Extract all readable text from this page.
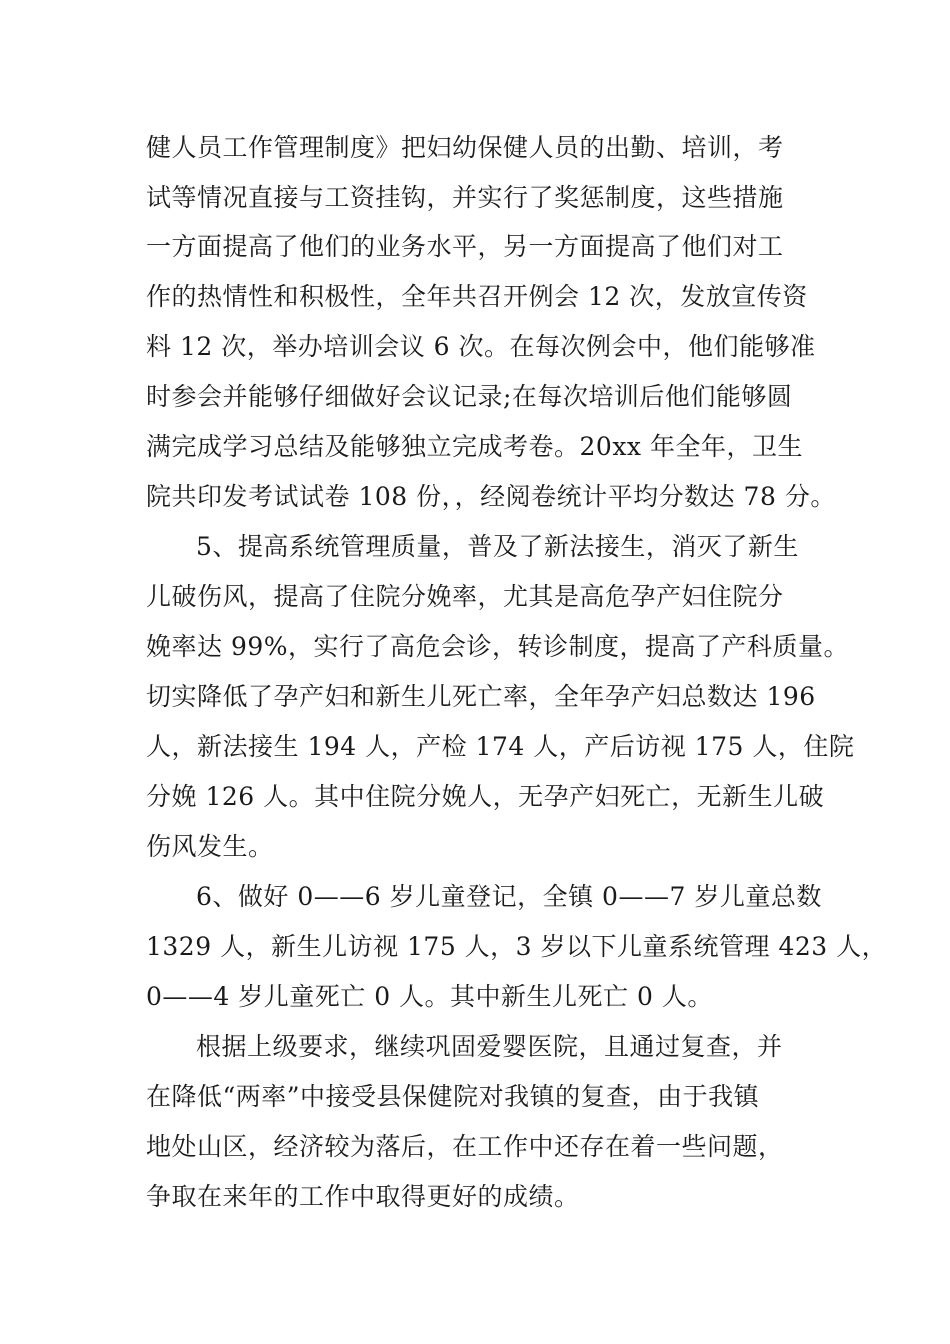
健人员工作管理制度》把妇幼保健人员的出勤、培训，考
试等情况直接与工资挂钩，并实行了奖惩制度，这些措施
一方面提高了他们的业务水平，另一方面提高了他们对工
作的热情性和积极性，全年共召开例会 12 次，发放宣传资
料 12 次，举办培训会议 6 次。在每次例会中，他们能够准
时参会并能够仔细做好会议记录;在每次培训后他们能够圆
满完成学习总结及能够独立完成考卷。20xx 年全年，卫生
院共印发考试试卷 108 份，，经阅卷统计平均分数达 78 分。
5、提高系统管理质量，普及了新法接生，消灭了新生
儿破伤风，提高了住院分娩率，尤其是高危孕产妇住院分
娩率达 99%，实行了高危会诊，转诊制度，提高了产科质量。
切实降低了孕产妇和新生儿死亡率，全年孕产妇总数达 196
人，新法接生 194 人，产检 174 人，产后访视 175 人，住院
分娩 126 人。其中住院分娩人，无孕产妇死亡，无新生儿破
伤风发生。
6、做好 0——6 岁儿童登记，全镇 0——7 岁儿童总数
1329 人，新生儿访视 175 人，3 岁以下儿童系统管理 423 人，
0——4 岁儿童死亡 0 人。其中新生儿死亡 0 人。
根据上级要求，继续巩固爱婴医院，且通过复查，并
在降低“两率”中接受县保健院对我镇的复查，由于我镇
地处山区，经济较为落后，在工作中还存在着一些问题，
争取在来年的工作中取得更好的成绩。
